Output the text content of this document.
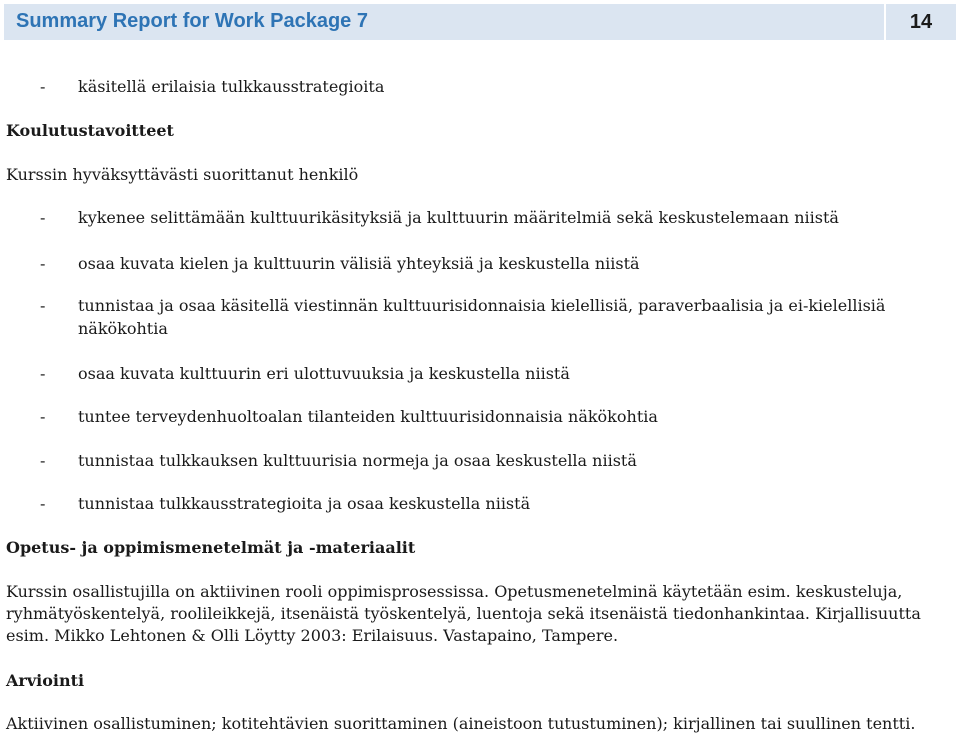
Summary Report for Work Package 7	14
- käsitellä erilaisia tulkkausstrategioita
Koulutustavoitteet
Kurssin hyväksyttävästi suorittanut henkilö
- kykenee selittämään kulttuurikäsityksiä ja kulttuurin määritelmiä sekä keskustelemaan niistä
- osaa kuvata kielen ja kulttuurin välisiä yhteyksiä ja keskustella niistä
- tunnistaa ja osaa käsitellä viestinnän kulttuurisidonnaisia kielellisiä, paraverbaalisia ja ei-kielellisiä
näkökohtia
- osaa kuvata kulttuurin eri ulottuvuuksia ja keskustella niistä
- tuntee terveydenhuoltoalan tilanteiden kulttuurisidonnaisia näkökohtia
- tunnistaa tulkkauksen kulttuurisia normeja ja osaa keskustella niistä
- tunnistaa tulkkausstrategioita ja osaa keskustella niistä
Opetus- ja oppimismenetelmät ja -materiaalit
Kurssin osallistujilla on aktiivinen rooli oppimisprosessissa. Opetusmenetelminä käytetään esim. keskusteluja, ryhmätyöskentelyä, roolileikkejä, itsenäistä työskentelyä, luentoja sekä itsenäistä tiedonhankintaa. Kirjallisuutta esim. Mikko Lehtonen & Olli Löytty 2003: Erilaisuus. Vastapaino, Tampere.
Arviointi
Aktiivinen osallistuminen; kotitehtävien suorittaminen (aineistoon tutustuminen); kirjallinen tai suullinen tentti.
